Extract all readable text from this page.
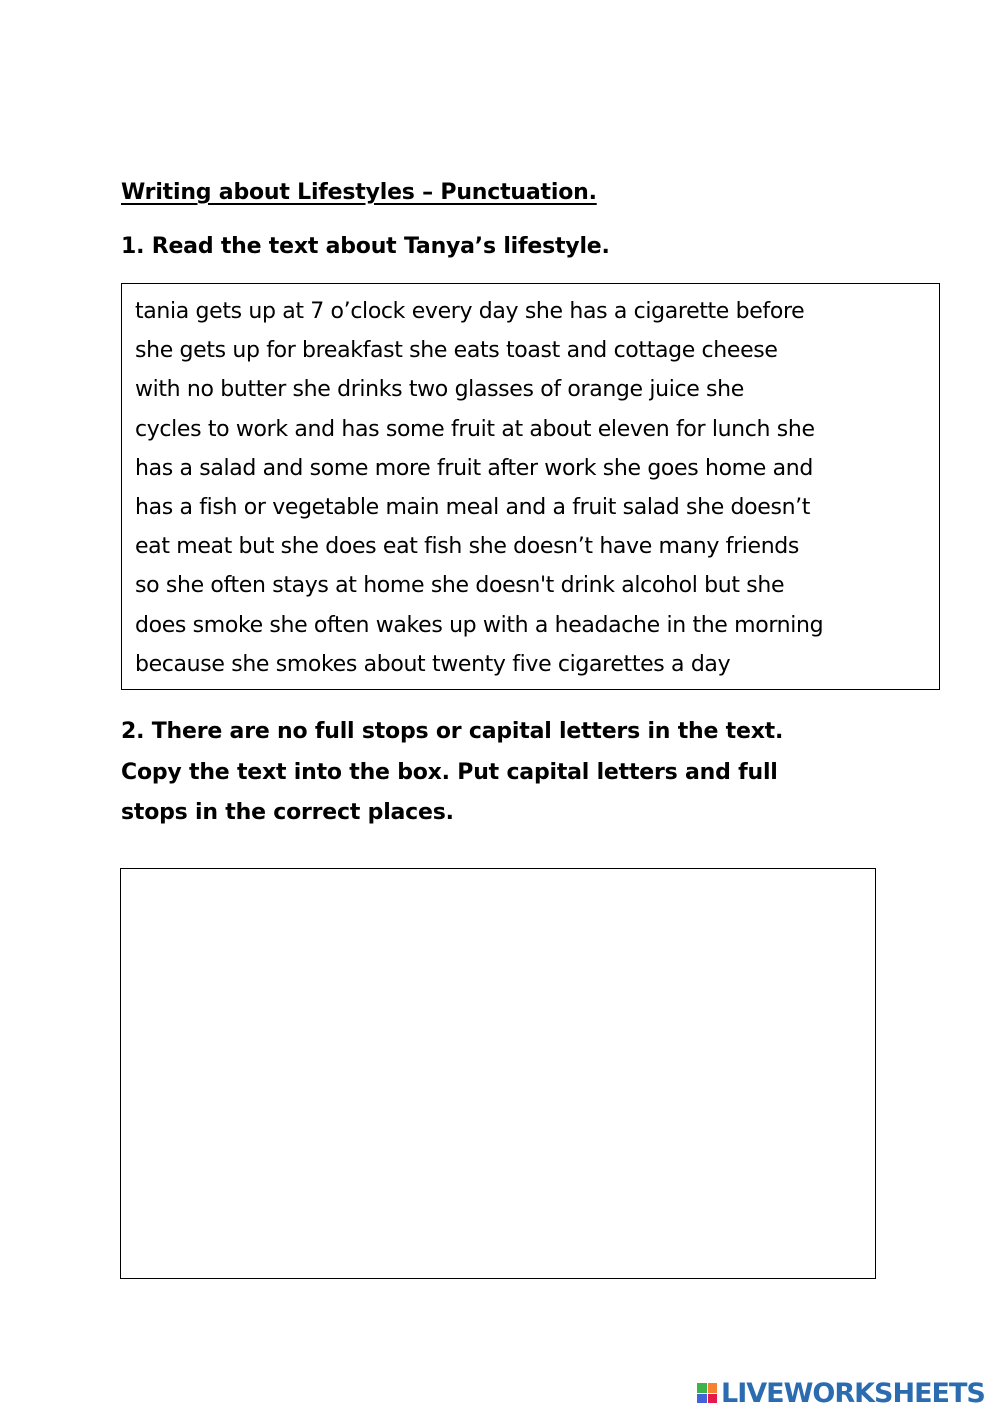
Writing about Lifestyles – Punctuation.
1. Read the text about Tanya’s lifestyle.
tania gets up at 7 o’clock every day she has a cigarette before
she gets up for breakfast she eats toast and cottage cheese
with no butter she drinks two glasses of orange juice she
cycles to work and has some fruit at about eleven for lunch she
has a salad and some more fruit after work she goes home and
has a fish or vegetable main meal and a fruit salad she doesn’t
eat meat but she does eat fish she doesn’t have many friends
so she often stays at home she doesn't drink alcohol but she
does smoke she often wakes up with a headache in the morning
because she smokes about twenty five cigarettes a day
2. There are no full stops or capital letters in the text.
Copy the text into the box. Put capital letters and full
stops in the correct places.
LIVEWORKSHEETS
